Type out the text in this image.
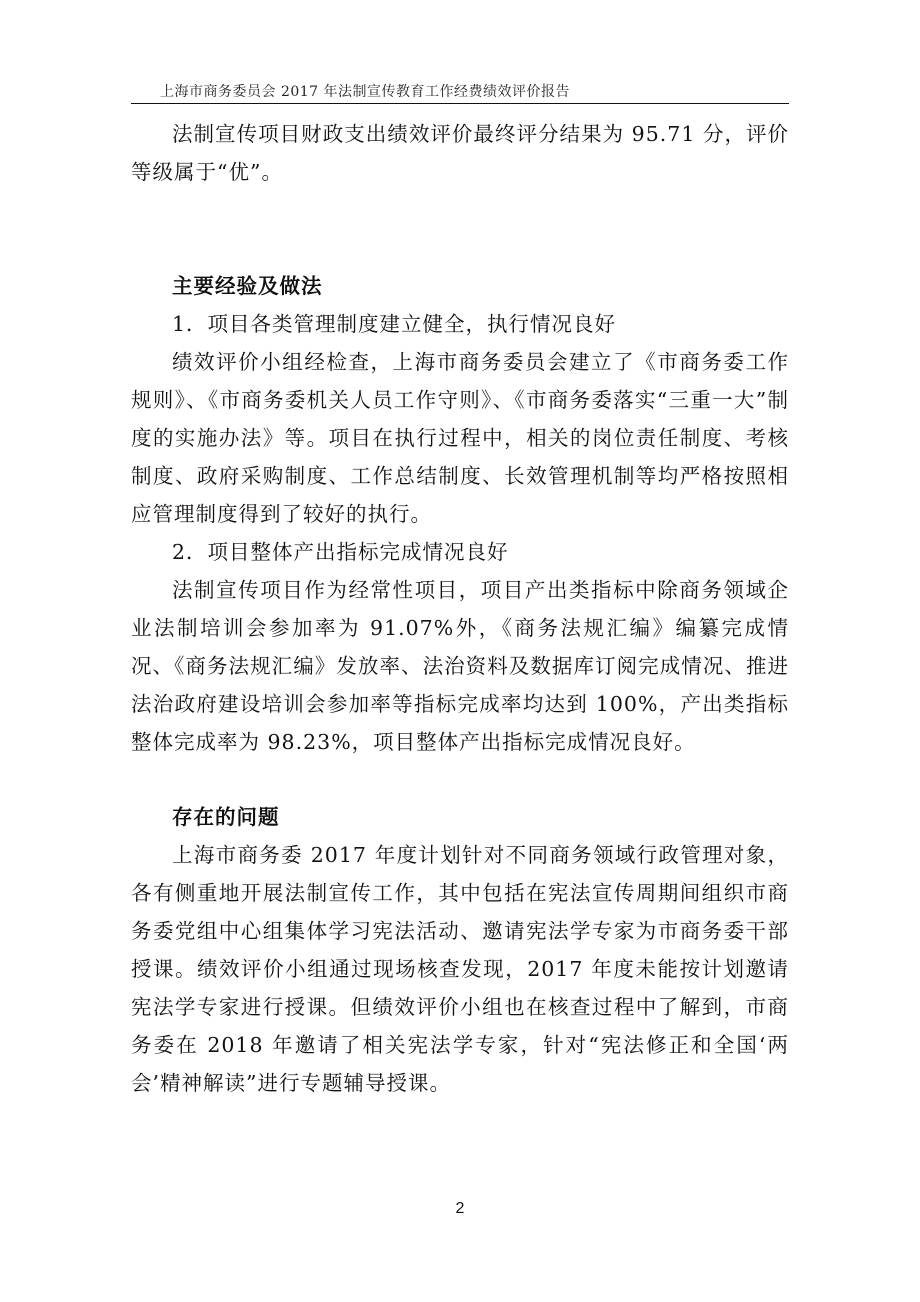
上海市商务委员会 2017 年法制宣传教育工作经费绩效评价报告

法制宣传项目财政支出绩效评价最终评分结果为 95.71 分，评价等级属于“优”。

主要经验及做法

1．项目各类管理制度建立健全，执行情况良好

绩效评价小组经检查，上海市商务委员会建立了《市商务委工作规则》、《市商务委机关人员工作守则》、《市商务委落实“三重一大”制度的实施办法》等。项目在执行过程中，相关的岗位责任制度、考核制度、政府采购制度、工作总结制度、长效管理机制等均严格按照相应管理制度得到了较好的执行。

2．项目整体产出指标完成情况良好

法制宣传项目作为经常性项目，项目产出类指标中除商务领域企业法制培训会参加率为 91.07%外，《商务法规汇编》编纂完成情况、《商务法规汇编》发放率、法治资料及数据库订阅完成情况、推进法治政府建设培训会参加率等指标完成率均达到 100%，产出类指标整体完成率为 98.23%，项目整体产出指标完成情况良好。

存在的问题

上海市商务委 2017 年度计划针对不同商务领域行政管理对象，各有侧重地开展法制宣传工作，其中包括在宪法宣传周期间组织市商务委党组中心组集体学习宪法活动、邀请宪法学专家为市商务委干部授课。绩效评价小组通过现场核查发现，2017 年度未能按计划邀请宪法学专家进行授课。但绩效评价小组也在核查过程中了解到，市商务委在 2018 年邀请了相关宪法学专家，针对“宪法修正和全国‘两会’精神解读”进行专题辅导授课。

2
